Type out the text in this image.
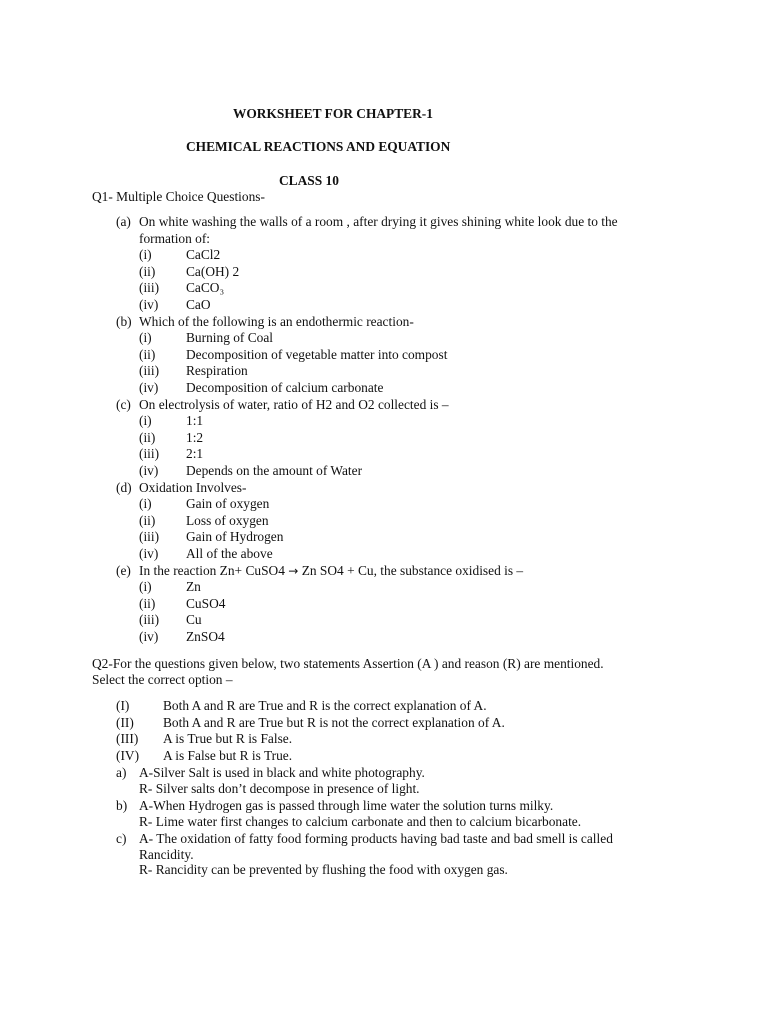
WORKSHEET FOR CHAPTER-1
CHEMICAL REACTIONS AND EQUATION
CLASS 10
Q1- Multiple Choice Questions-
(a) On white washing the walls of a room , after drying it gives shining white look due to the
formation of:
(i)	CaCl2
(ii) Ca(OH) 2
(iii) CaCO₃
(iv) CaO
(b) Which of the following is an endothermic reaction-
(i)	Burning of Coal
(ii) Decomposition of vegetable matter into compost
(iii) Respiration
(iv) Decomposition of calcium carbonate
(c) On electrolysis of water, ratio of H2 and O2 collected is –
(i)	1:1
(ii) 1:2
(iii) 2:1
(iv) Depends on the amount of Water
(d) Oxidation Involves-
(i)	Gain of oxygen
(ii) Loss of oxygen
(iii) Gain of Hydrogen
(iv) All of the above
(e) In the reaction Zn+ CuSO4 → Zn SO4 + Cu, the substance oxidised is –
(i)	Zn
(ii) CuSO4
(iii) Cu
(iv) ZnSO4
Q2-For the questions given below, two statements Assertion (A ) and reason (R) are mentioned.
Select the correct option –
(I)	Both A and R are True and R is the correct explanation of A.
(II) Both A and R are True but R is not the correct explanation of A.
(III) A is True but R is False.
(IV) A is False but R is True.
a) A-Silver Salt is used in black and white photography.
R- Silver salts don’t decompose in presence of light.
b) A-When Hydrogen gas is passed through lime water the solution turns milky.
R- Lime water first changes to calcium carbonate and then to calcium bicarbonate.
c) A- The oxidation of fatty food forming products having bad taste and bad smell is called
Rancidity.
R- Rancidity can be prevented by flushing the food with oxygen gas.
